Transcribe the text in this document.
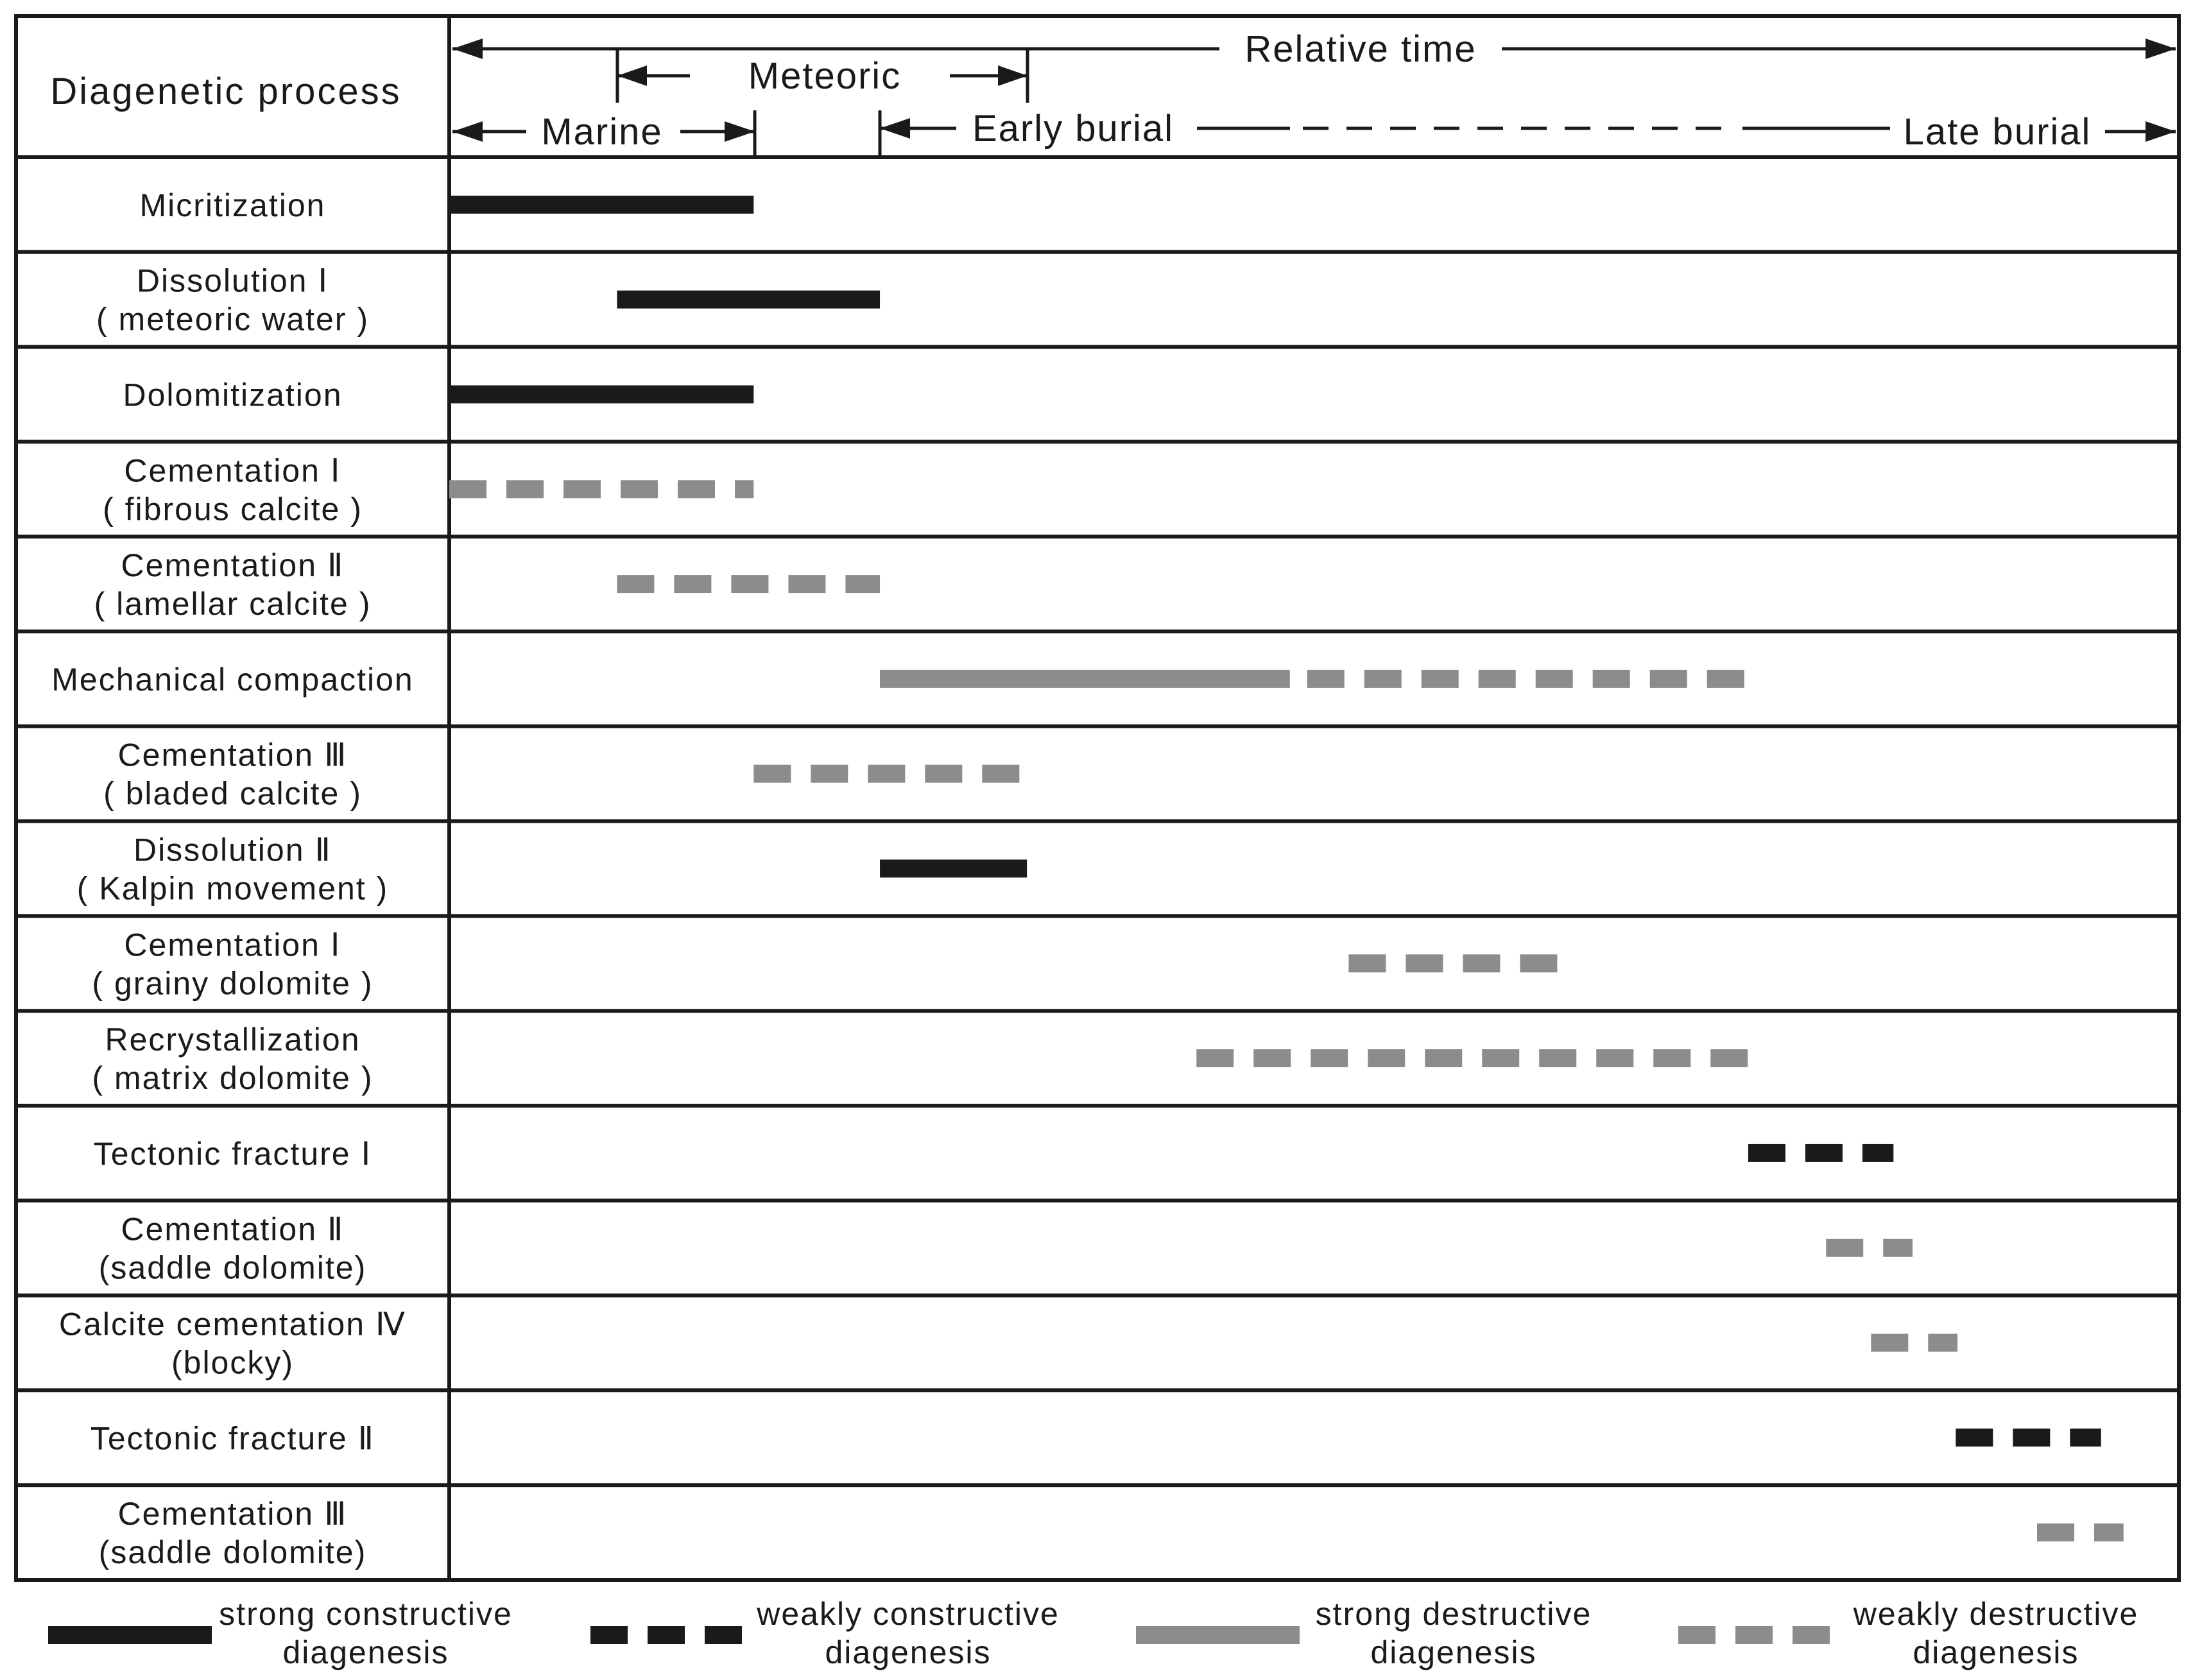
Diagenetic process
Relative time
Meteoric
Marine	Early burial	Late burial
Micritization
Dissolution Ⅰ
( meteoric water )
Dolomitization
Cementation Ⅰ
( fibrous calcite )
Cementation Ⅱ
( lamellar calcite )
Mechanical compaction
Cementation Ⅲ
( bladed calcite )
Dissolution Ⅱ
( Kalpin movement )
Cementation Ⅰ
( grainy dolomite )
Recrystallization
( matrix dolomite )
Tectonic fracture Ⅰ
Cementation Ⅱ
(saddle dolomite)
Calcite cementation Ⅳ
(blocky)
Tectonic fracture Ⅱ
Cementation Ⅲ
(saddle dolomite)
strong constructive
diagenesis
weakly constructive
diagenesis
strong destructive
diagenesis
weakly destructive
diagenesis
